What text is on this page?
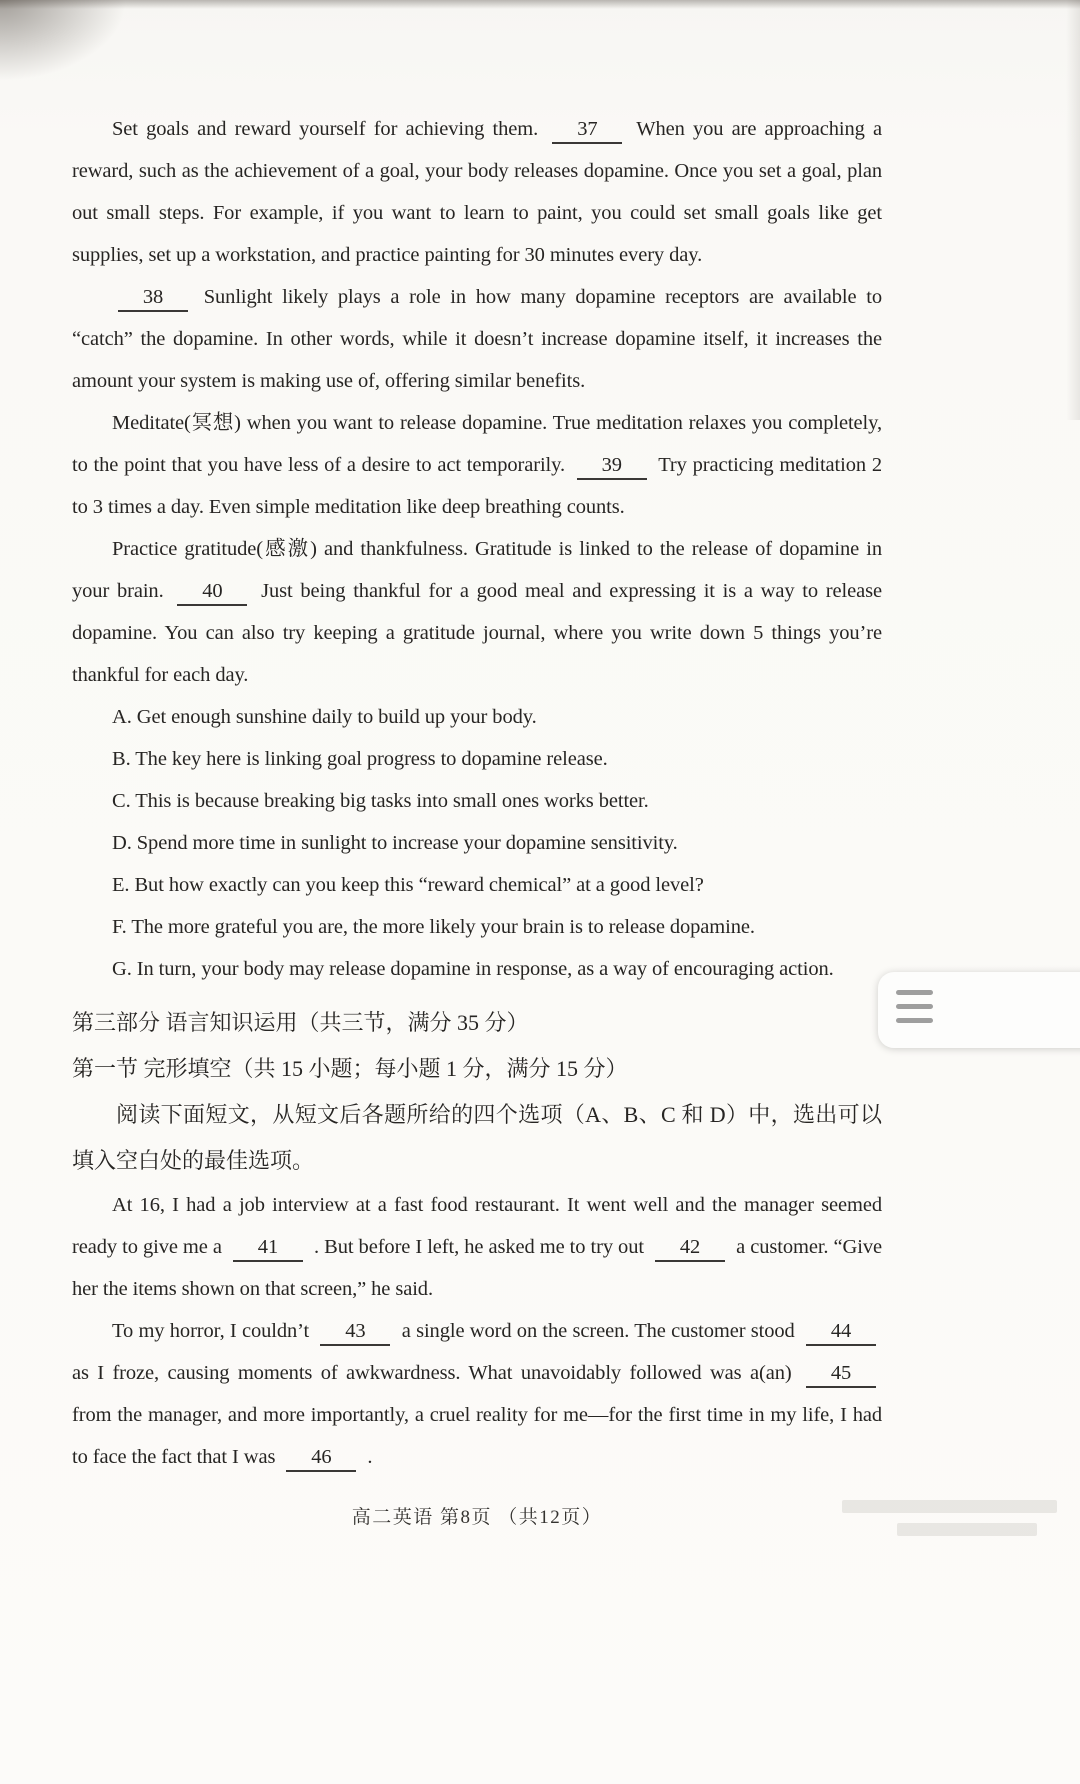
Set goals and reward yourself for achieving them. 37 When you are approaching a reward, such as the achievement of a goal, your body releases dopamine. Once you set a goal, plan out small steps. For example, if you want to learn to paint, you could set small goals like get supplies, set up a workstation, and practice painting for 30 minutes every day.

38 Sunlight likely plays a role in how many dopamine receptors are available to “catch” the dopamine. In other words, while it doesn’t increase dopamine itself, it increases the amount your system is making use of, offering similar benefits.

Meditate(冥想) when you want to release dopamine. True meditation relaxes you completely, to the point that you have less of a desire to act temporarily. 39 Try practicing meditation 2 to 3 times a day. Even simple meditation like deep breathing counts.

Practice gratitude(感激) and thankfulness. Gratitude is linked to the release of dopamine in your brain. 40 Just being thankful for a good meal and expressing it is a way to release dopamine. You can also try keeping a gratitude journal, where you write down 5 things you’re thankful for each day.

A. Get enough sunshine daily to build up your body.

B. The key here is linking goal progress to dopamine release.

C. This is because breaking big tasks into small ones works better.

D. Spend more time in sunlight to increase your dopamine sensitivity.

E. But how exactly can you keep this “reward chemical” at a good level?

F. The more grateful you are, the more likely your brain is to release dopamine.

G. In turn, your body may release dopamine in response, as a way of encouraging action.

第三部分 语言知识运用（共三节，满分 35 分）
第一节 完形填空（共 15 小题；每小题 1 分，满分 15 分）

阅读下面短文，从短文后各题所给的四个选项（A、B、C 和 D）中，选出可以填入空白处的最佳选项。

At 16, I had a job interview at a fast food restaurant. It went well and the manager seemed ready to give me a 41 . But before I left, he asked me to try out 42 a customer. “Give her the items shown on that screen,” he said.

To my horror, I couldn’t 43 a single word on the screen. The customer stood 44 as I froze, causing moments of awkwardness. What unavoidably followed was a(an) 45 from the manager, and more importantly, a cruel reality for me—for the first time in my life, I had to face the fact that I was 46 .

高二英语 第8页 （共12页）
